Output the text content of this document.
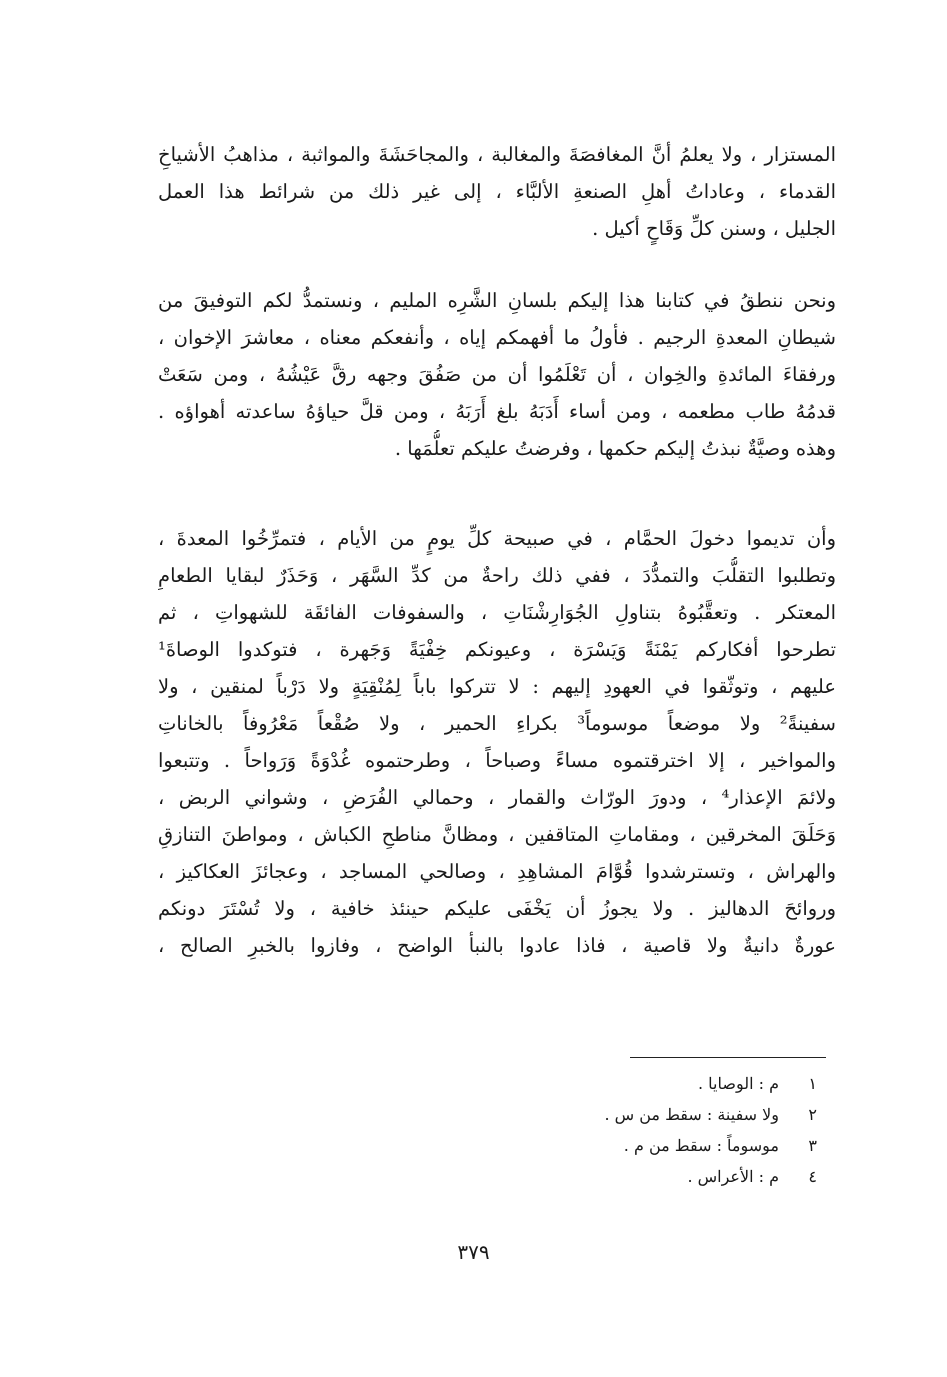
المستزار ، ولا يعلمُ أنَّ المغافصَةَ والمغالبة ، والمجاحَشَةَ والمواثبة ، مذاهبُ الأشياخِ
القدماء ، وعاداتُ أهلِ الصنعةِ الألبَّاء ، إلى غير ذلك من شرائط هذا العمل
الجليل ، وسنن كلِّ وَقَاحٍ أكيل .
ونحن ننطقُ في كتابنا هذا إليكم بلسانِ الشَّرِه المليم ، ونستمدُّ لكم التوفيقَ من
شيطانِ المعدةِ الرجيم . فأولُ ما أفهمكم إياه ، وأنفعكم معناه ، معاشرَ الإخوان ،
ورفقاءَ المائدةِ والخِوان ، أن تَعْلَمُوا أن من صَفُقَ وجهه رقَّ عَيْشُهُ ، ومن سَعَتْ
قدمُهُ طاب مطعمه ، ومن أساء أَدَبَهُ بلغ أَرَبَهُ ، ومن قلَّ حياؤهُ ساعدته أهواؤه .
وهذه وصيَّةٌ نبذتُ إليكم حكمها ، وفرضتُ عليكم تعلُّمَها .
وأن تديموا دخولَ الحمَّام ، في صبيحة كلِّ يومٍ من الأيام ، فتمرِّخُوا المعدةَ ،
وتطلبوا التقلُّبَ والتمدُّدَ ، ففي ذلك راحةٌ من كدِّ السَّهَر ، وَحَذَرٌ لبقايا الطعامِ
المعتكر . وتعقَّبُوهُ بتناولِ الجُوَارِشْنَاتِ ، والسفوفات الفائقَة للشهواتِ ، ثم
تطرحوا أفكاركم يَمْنَةً وَيَسْرَة ، وعيونكم خِفْيَةً وَجَهرة ، فتوكدوا الوصاةَ¹
عليهم ، وتوثّقوا في العهودِ إليهم : لا تتركوا باباً لِمُنْقِيَةٍ ولا دَرْباً لمنقين ، ولا
سفينةً² ولا موضعاً موسوماً³ بكراءِ الحمير ، ولا صُقْعاً مَعْرُوفاً بالخاناتِ
والمواخير ، إلا اخترقتموه مساءً وصباحاً ، وطرحتموه غُدْوَةً وَرَواحاً . وتتبعوا
ولائمَ الإعذار⁴ ، ودورَ الورّاث والقمار ، وحمالي الفُرَضِ ، وشواني الربض ،
وَحَلَقَ المخرقين ، ومقاماتِ المتاقفين ، ومظانَّ مناطحِ الكباش ، ومواطنَ التنازقِ
والهراش ، وتسترشدوا قُوَّامَ المشاهِدِ ، وصالحي المساجد ، وعجائزَ العكاكيز ،
وروائحَ الدهاليز . ولا يجوزُ أن يَخْفَى عليكم حينئذ خافية ، ولا تُسْتَرَ دونكم
عورةٌ دانيةٌ ولا قاصية ، فاذا عادوا بالنبأ الواضح ، وفازوا بالخبرِ الصالح ،
١م : الوصايا .
٢ولا سفينة : سقط من س .
٣موسوماً : سقط من م .
٤م : الأعراس .
٣٧٩
